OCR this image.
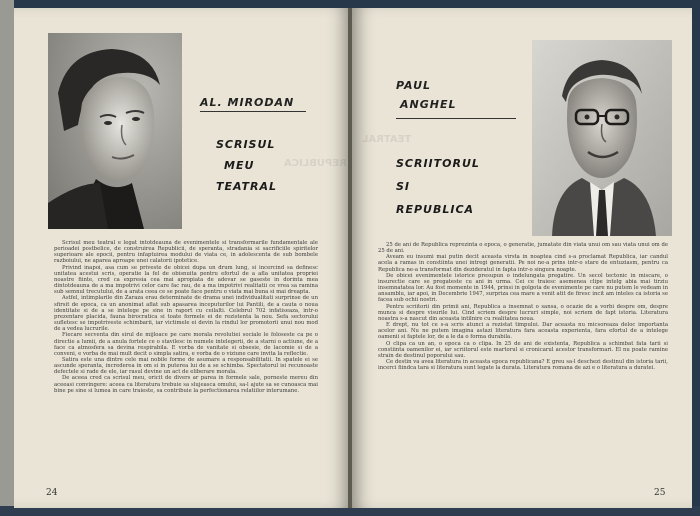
AL. MIRODAN
SCRISUL
MEU
TEATRAL
REPUBLICA

Scrisul meu teatral e legat intotdeauna de evenimentele si transformarile fundamentale ale perioadei postbelice, de construirea Republicii, de speranta, stradania si sacrificiile spiritelor superioare ale epocii, pentru infaptuirea modului de viata ce, in adolescenta de sub bombele razboiului, ne aparea aproape unei calatorii ipotetice.

Privind inapoi, asa cum se priveste de obicei dupa un drum lung, si incercind sa definesc unitatea acestui scris, operatie la fel de obisnuita pentru efortul de a afla unitatea propriei noastre fiinte, cred ca expresia cea mai apropiata de adevar se gaseste in dorinta mea dintotdeauna de a ma impotrivi celor care fac rau, de a ma impotrivi realitatii ce vrea sa ramina sub semnul trecutului, de a arata ceea ce se poate face pentru o viata mai buna si mai dreapta.

Astfel, intimplarile din Zaraza erau determinate de drama unei individualitati surprinse de un sfirsit de epoca, ca un anonimat aflat sub apasarea inceputurilor lui Pantili, de a cauta o noua identitate si de a se intelege pe sine in raport cu ceilalti. Celebrul 702 infatiseaza, intr-o prezentare placida, fauna birocratica si toate formele ei de rezistenta la nou. Sefa sectorului sufletesc se impotriveste schimbarii, iar victimele ei devin la rindul lor promotorii unui nou mod de a vedea lucrurile.

Fiecare secventa din sirul de mijloace pe care morala revolutiei sociale le foloseste ca pe o directie a lumii, de a anula fortele ce o stavilesc in numele intelegerii, de a starni o actiune, de a face ca atmosfera sa devina respirabila. E vorba de vanitate si obsesie, de lacomie si de a conveni, e vorba de mai mult decit o simpla satira, e vorba de o viziune care invita la reflectie.

Satira este una dintre cele mai nobile forme de asumare a responsabilitatii. In spatele ei se ascunde speranta, increderea in om si in puterea lui de a se schimba. Spectatorul isi recunoaste defectele si rade de ele, iar rasul devine un act de eliberare morala.

De aceea cred ca scrisul meu, oricit de divers ar parea in formele sale, porneste mereu din aceeasi convingere: aceea ca literatura trebuie sa slujeasca omului, sa-l ajute sa se cunoasca mai bine pe sine si lumea in care traieste, sa contribuie la perfectionarea relatiilor interumane.

24
PAUL
ANGHEL
SCRIITORUL
SI
REPUBLICA
TEATRAL

25 de ani de Republica reprezinta o epoca, o generatie, jumatate din viata unui om sau viata unui om de 25 de ani.

Aveam eu insumi mai putin decit aceasta virsta in noaptea cind s-a proclamat Republica, iar candul acela a ramas in constiinta unei intregi generatii. Pe noi ne-a prins intr-o stare de entuziasm, pentru ca Republica ne-a transformat din dezideratul in fapta intr-o singura noapte.

De obicei evenimentele istorice presupun o indelungata pregatire. Un secol tectonic in miscare, o insurectie care se pregateste cu ani in urma. Cei ce traiesc asemenea clipe intelg abia mai tirziu insemnatatea lor. Au fost momente in 1944, prinsi in golgota de evenimente pe care nu putem le vedeam in ansamblu, iar apoi, in Decembrie 1947, surpriza cea mare a venit atit de firesc incit am inteles ca istoria se facea sub ochii nostri.

Pentru scriitorii din primii ani, Republica a insemnat o sansa, o ocazie de a vorbi despre om, despre munca si despre visurile lui. Cind scriem despre lucruri simple, noi scriem de fapt istoria. Literatura noastra s-a nascut din aceasta intilnire cu realitatea noua.

E drept, nu tot ce s-a scris atunci a rezistat timpului. Dar aceasta nu micsoreaza deloc importanta acelor ani. Nu ne putem imagina astazi literatura fara aceasta experienta, fara efortul de a intelege oamenii si faptele lor, de a le da o forma durabila.

O clipa ca un an, o epoca ca o clipa. In 25 de ani de existenta, Republica a schimbat fata tarii si constiinta oamenilor ei, iar scriitorul este martorul si cronicarul acestor transformari. El nu poate ramine strain de destinul poporului sau.

Ce destin va avea literatura in aceasta epoca republicana? E greu sa-l deschezi destinul din istoria tarii, incerci fiindca tara si literatura sunt legate la durata. Literatura romana de azi e o literatura a duratei.

25
